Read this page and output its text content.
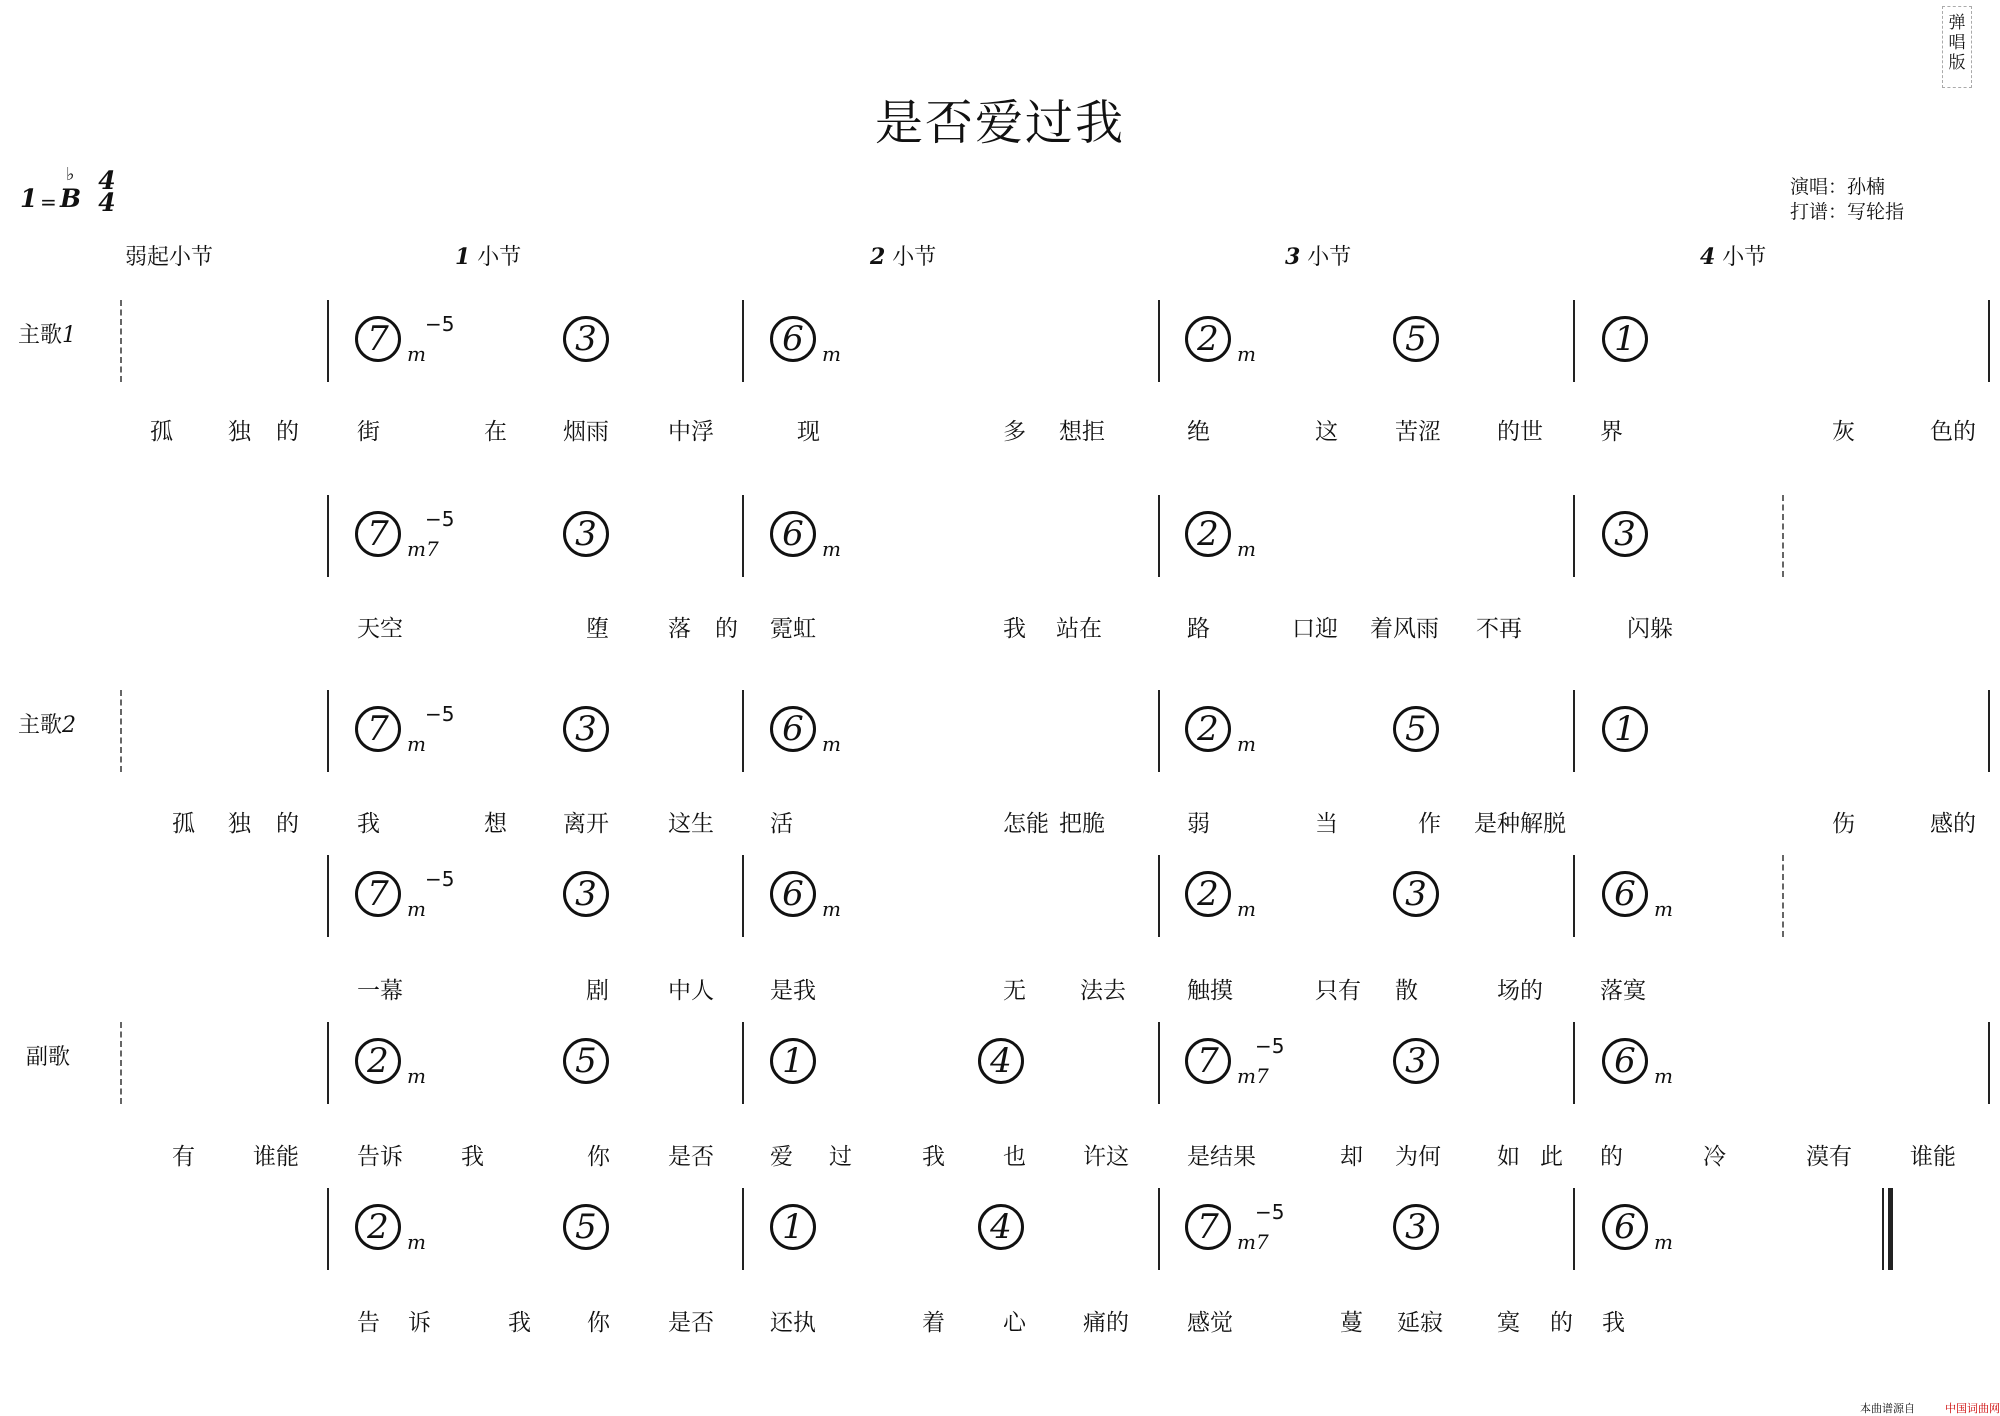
是否爱过我
弹
唱
版
1 =
♭
B
4
4
演唱：孙楠
打谱：写轮指
弱起小节	1 小节	2 小节	3 小节	4 小节
主歌1
主歌2
副歌
7 m
−5	3	6 m	2 m	5	1
孤 独 的	街	在 烟雨	中浮	现	多 想拒	绝	这 苦涩 的世 界	灰	色的
7 m7
−5	3	6 m	2 m	3
天空	堕	落 的 霓虹	我 站在	路	口迎 着风雨 不再	闪躲
7 m
−5	3	6 m	2 m	5	1
孤 独 的	我	想 离开	这生 活	怎能 把脆	弱	当	作 是种解脱	伤	感的
7 m
−5	3	6 m	2 m	3	6 m
一幕	剧	中人 是我	无 法去	触摸	只有 散	场的 落寞
2 m	5	1	4	7 m7
−5	3	6 m
有	谁能	告诉	我	你	是否 爱 过	我	也 许这	是结果	却 为何 如 此 的	冷	漠有	谁能
2 m	5	1	4	7 m7
−5	3	6 m
告 诉	我 你	是否 还执	着	心 痛的	感觉	蔓 延寂 寞 的 我
本曲谱源自	中国词曲网
